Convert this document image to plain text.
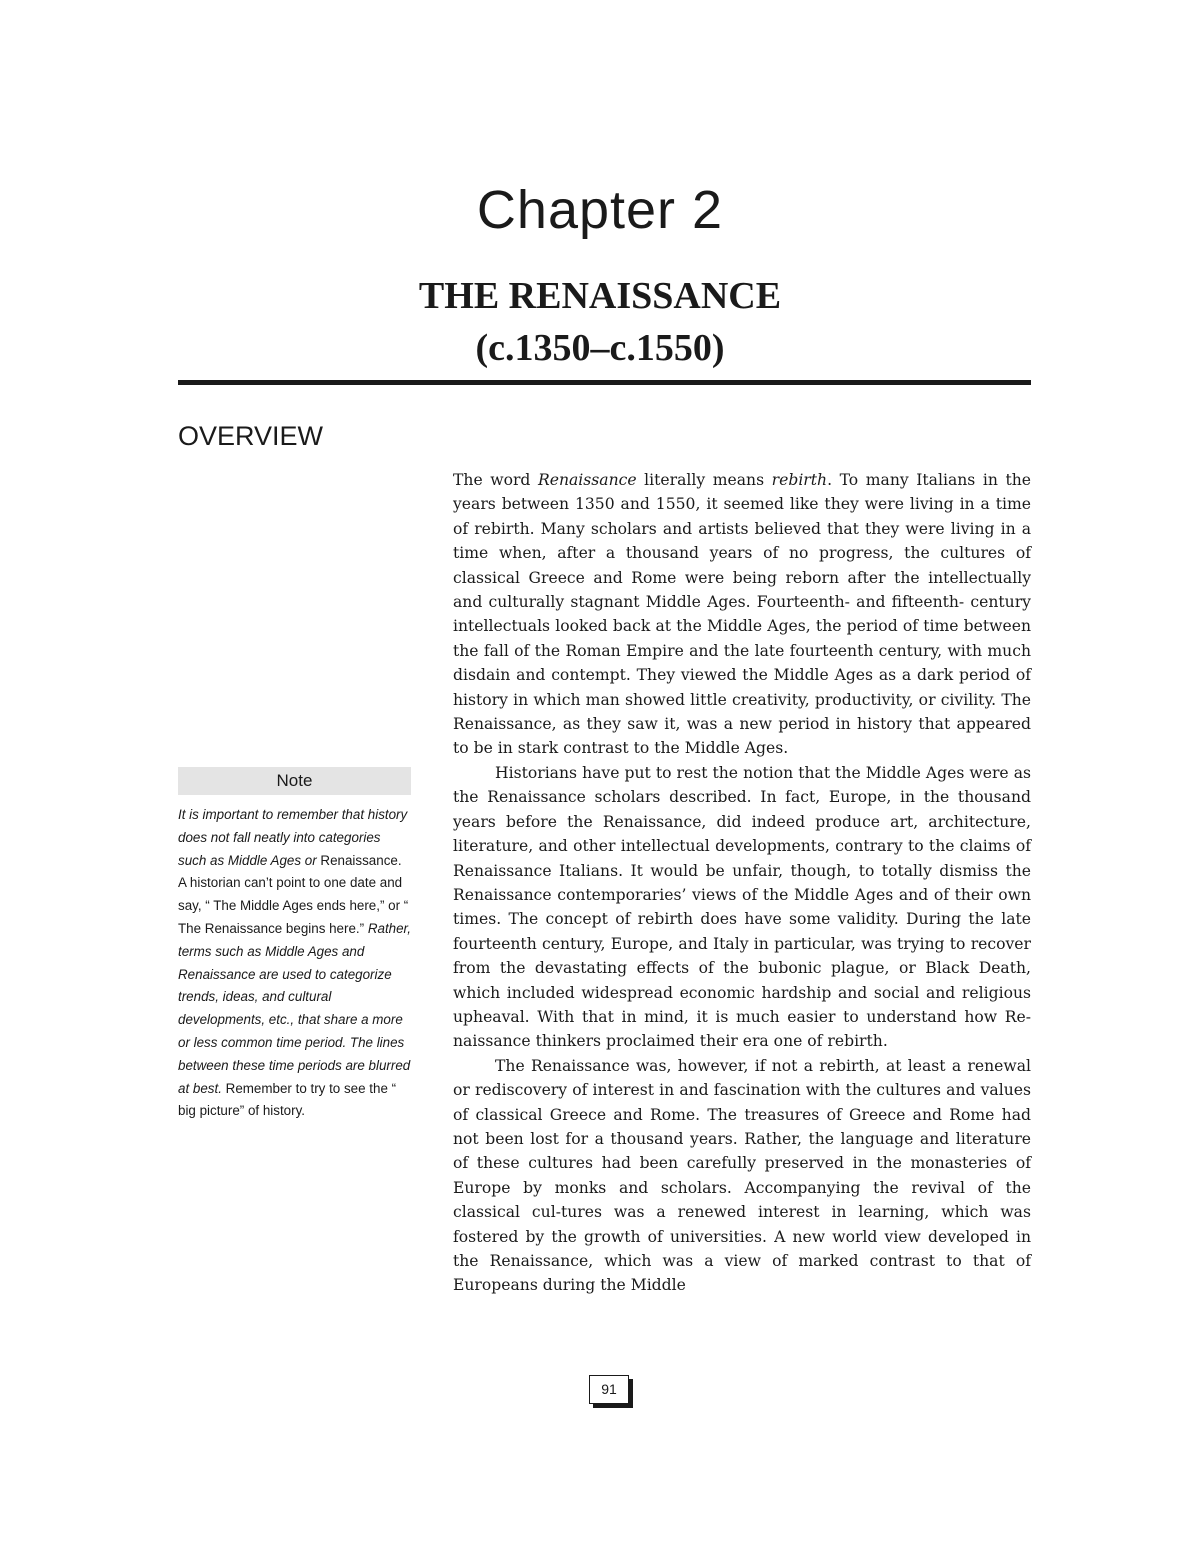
Chapter 2
THE RENAISSANCE
(c.1350–c.1550)
OVERVIEW

The word Renaissance literally means rebirth. To many Italians in the years between 1350 and 1550, it seemed like they were living in a time of rebirth. Many scholars and artists believed that they were living in a time when, after a thousand years of no progress, the cultures of classical Greece and Rome were being reborn after the intellectually and culturally stagnant Middle Ages. Fourteenth- and fifteenth- century intellectuals looked back at the Middle Ages, the period of time between the fall of the Roman Empire and the late fourteenth century, with much disdain and contempt. They viewed the Middle Ages as a dark period of history in which man showed little creativity, productivity, or civility. The Renaissance, as they saw it, was a new period in history that appeared to be in stark contrast to the Middle Ages.

Historians have put to rest the notion that the Middle Ages were as the Renaissance scholars described. In fact, Europe, in the thousand years before the Renaissance, did indeed produce art, architecture, literature, and other intellectual developments, contrary to the claims of Renaissance Italians. It would be unfair, though, to totally dismiss the Renaissance contemporaries’ views of the Middle Ages and of their own times. The concept of rebirth does have some validity. During the late fourteenth century, Europe, and Italy in particular, was trying to recover from the devastating effects of the bubonic plague, or Black Death, which included widespread economic hardship and social and religious upheaval. With that in mind, it is much easier to understand how Re-naissance thinkers proclaimed their era one of rebirth.

The Renaissance was, however, if not a rebirth, at least a renewal or rediscovery of interest in and fascination with the cultures and values of classical Greece and Rome. The treasures of Greece and Rome had not been lost for a thousand years. Rather, the language and literature of these cultures had been carefully preserved in the monasteries of Europe by monks and scholars. Accompanying the revival of the classical cul-tures was a renewed interest in learning, which was fostered by the growth of universities. A new world view developed in the Renaissance, which was a view of marked contrast to that of Europeans during the Middle

Note
It is important to remember that history does not fall neatly into categories such as Middle Ages or Renaissance. A historian can’t point to one date and say, “ The Middle Ages ends here,” or “ The Renaissance begins here.” Rather, terms such as Middle Ages and Renaissance are used to categorize trends, ideas, and cultural developments, etc., that share a more or less common time period. The lines between these time periods are blurred at best. Remember to try to see the “ big picture” of history.
91
